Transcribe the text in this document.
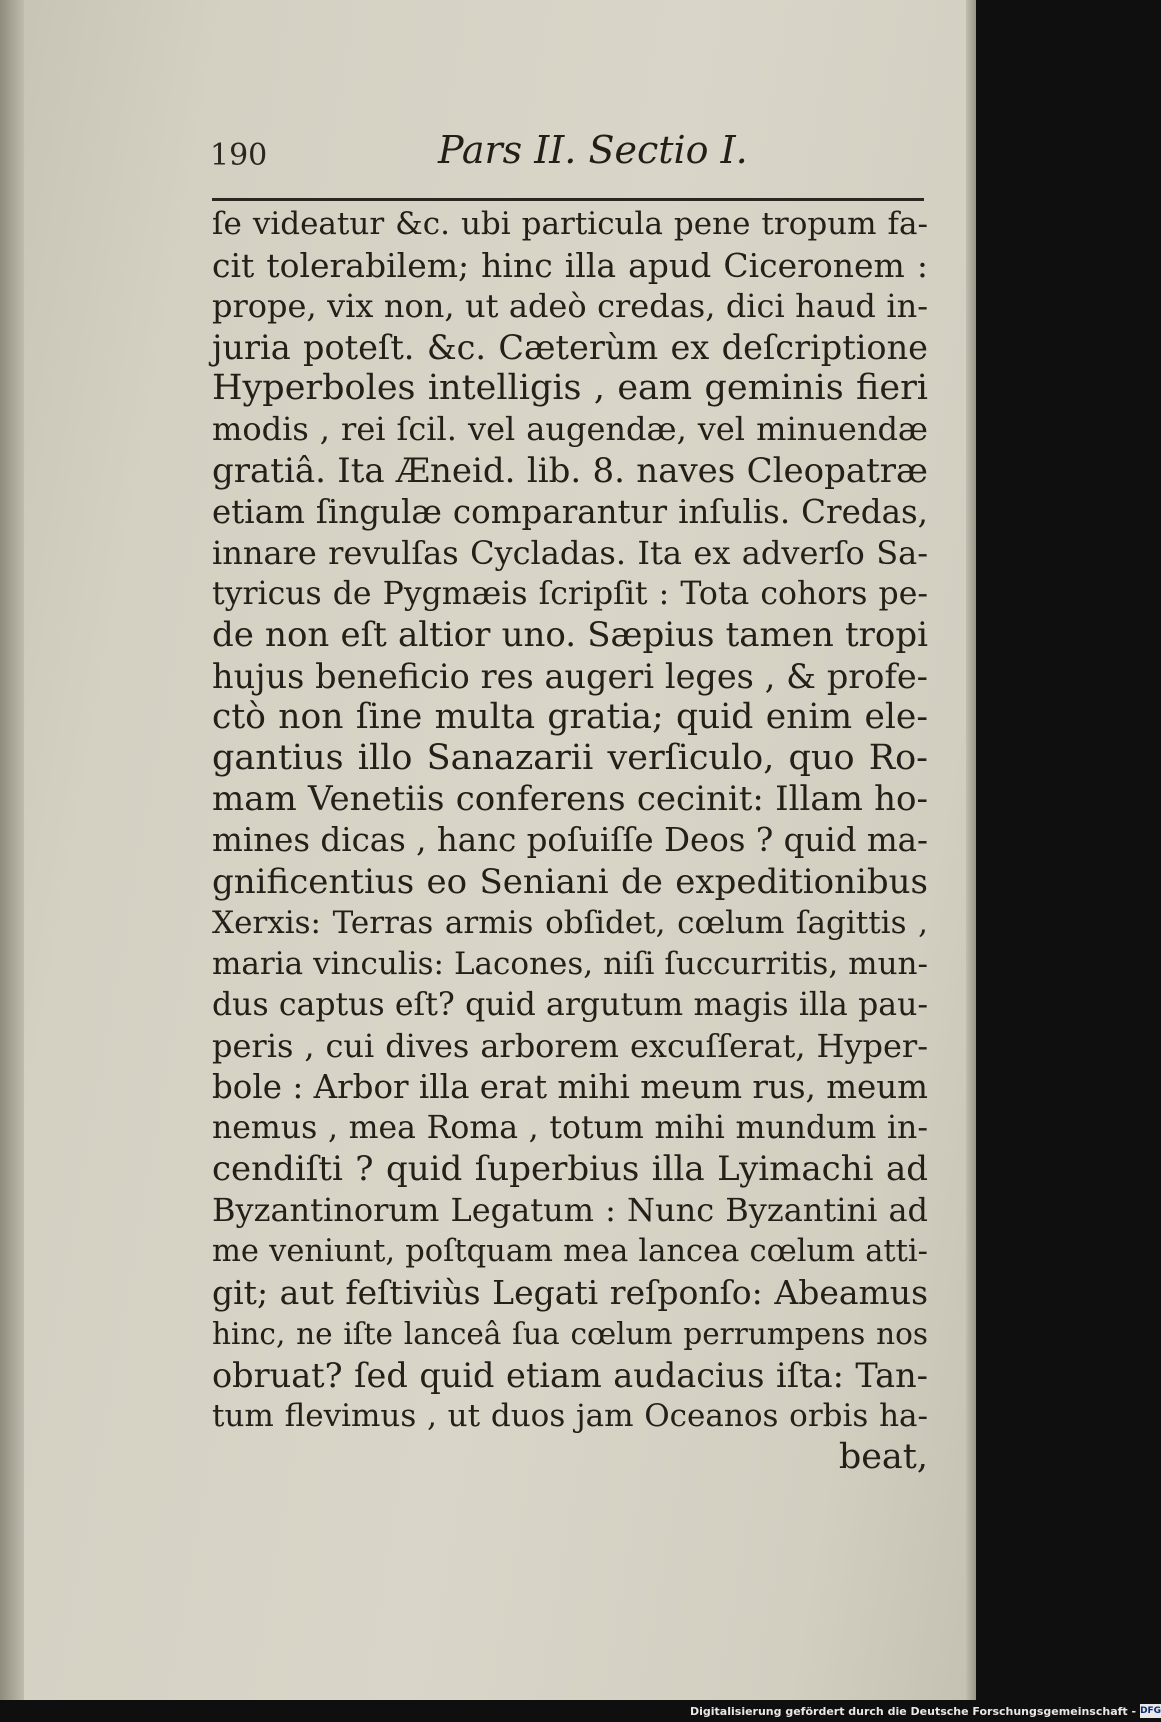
190	Pars II. Sectio I.
ſe videatur &c. ubi particula pene tropum fa-
cit tolerabilem; hinc illa apud Ciceronem :
prope, vix non, ut adeò credas, dici haud in-
juria poteſt. &c. Cæterùm ex deſcriptione
Hyperboles intelligis , eam geminis fieri
modis , rei ſcil. vel augendæ, vel minuendæ
gratiâ. Ita Æneid. lib. 8. naves Cleopatræ
etiam ſingulæ comparantur inſulis. Credas,
innare revulſas Cycladas. Ita ex adverſo Sa-
tyricus de Pygmæis ſcripſit : Tota cohors pe-
de non eſt altior uno. Sæpius tamen tropi
hujus beneficio res augeri leges , & profe-
ctò non ſine multa gratia; quid enim ele-
gantius illo Sanazarii verſiculo, quo Ro-
mam Venetiis conferens cecinit: Illam ho-
mines dicas , hanc poſuiſſe Deos ? quid ma-
gnificentius eo Seniani de expeditionibus
Xerxis: Terras armis obſidet, cœlum ſagittis ,
maria vinculis: Lacones, niſi ſuccurritis, mun-
dus captus eſt? quid argutum magis illa pau-
peris , cui dives arborem excuſſerat, Hyper-
bole : Arbor illa erat mihi meum rus, meum
nemus , mea Roma , totum mihi mundum in-
cendiſti ? quid ſuperbius illa Lyimachi ad
Byzantinorum Legatum : Nunc Byzantini ad
me veniunt, poſtquam mea lancea cœlum atti-
git; aut feſtiviùs Legati reſponſo: Abeamus
hinc, ne iſte lanceâ ſua cœlum perrumpens nos
obruat? ſed quid etiam audacius iſta: Tan-
tum flevimus , ut duos jam Oceanos orbis ha-
beat,
Digitalisierung gefördert durch die Deutsche Forschungsgemeinschaft - DFG
